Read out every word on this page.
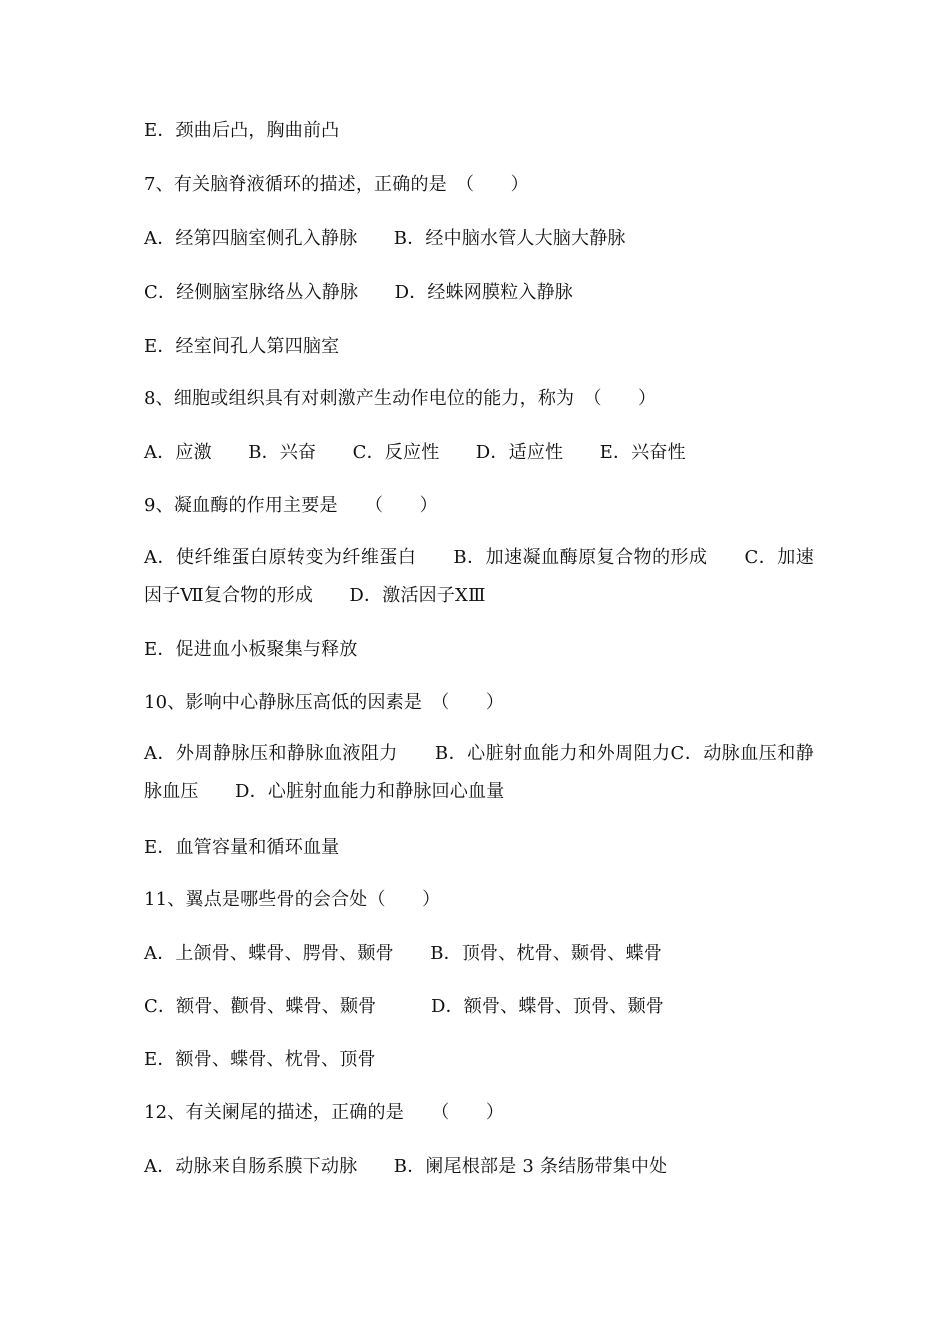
E．颈曲后凸，胸曲前凸
7、有关脑脊液循环的描述，正确的是　（　　）
A．经第四脑室侧孔入静脉　　B．经中脑水管人大脑大静脉
C．经侧脑室脉络丛入静脉　　D．经蛛网膜粒入静脉
E．经室间孔人第四脑室
8、细胞或组织具有对刺激产生动作电位的能力，称为　（　　）
A．应激　　B．兴奋　　C．反应性　　D．适应性　　E．兴奋性
9、凝血酶的作用主要是　　（　　）
A．使纤维蛋白原转变为纤维蛋白　　B．加速凝血酶原复合物的形成　　C．加速因子Ⅶ复合物的形成　　D．激活因子ⅩⅢ
E．促进血小板聚集与释放
10、影响中心静脉压高低的因素是　（　　）
A．外周静脉压和静脉血液阻力　　B．心脏射血能力和外周阻力C．动脉血压和静脉血压　　D．心脏射血能力和静脉回心血量
E．血管容量和循环血量
11、翼点是哪些骨的会合处（　　）
A．上颌骨、蝶骨、腭骨、颞骨　　B．顶骨、枕骨、颞骨、蝶骨
C．额骨、颧骨、蝶骨、颞骨　　　D．额骨、蝶骨、顶骨、颞骨
E．额骨、蝶骨、枕骨、顶骨
12、有关阑尾的描述，正确的是　　（　　）
A．动脉来自肠系膜下动脉　　B．阑尾根部是 3 条结肠带集中处
